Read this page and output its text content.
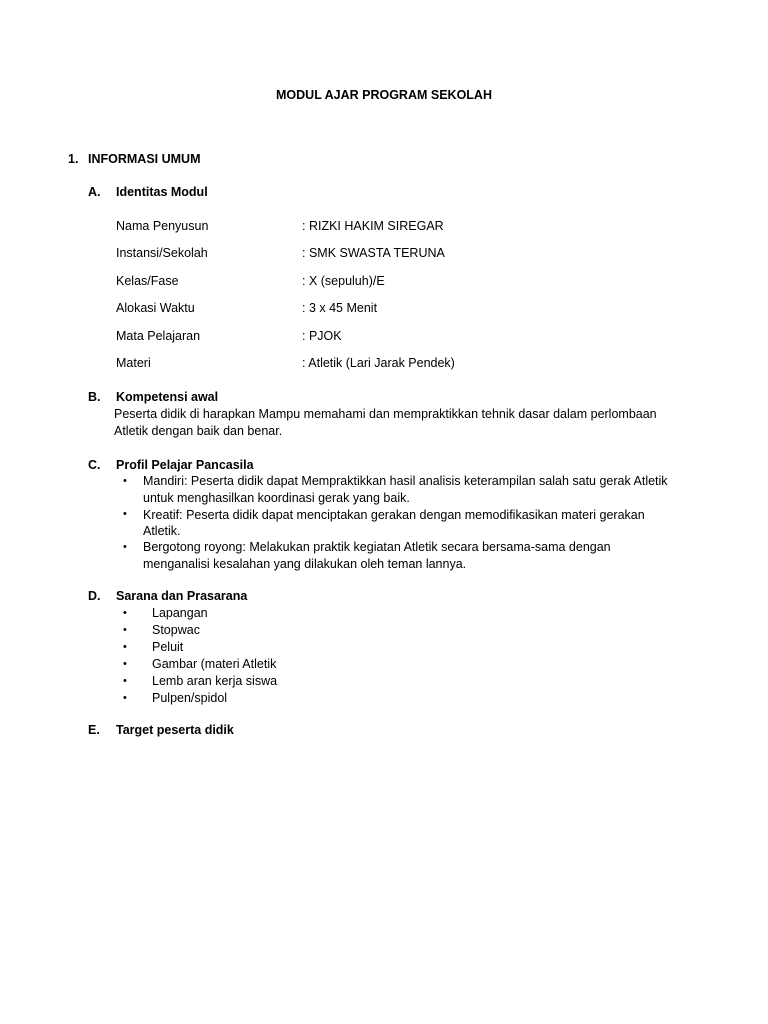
MODUL AJAR PROGRAM SEKOLAH
1. INFORMASI UMUM
A. Identitas Modul
Nama Penyusun	: RIZKI HAKIM SIREGAR
Instansi/Sekolah	: SMK SWASTA TERUNA
Kelas/Fase	: X (sepuluh)/E
Alokasi Waktu	: 3 x 45 Menit
Mata Pelajaran	: PJOK
Materi	: Atletik (Lari Jarak Pendek)
B. Kompetensi awal
Peserta didik di harapkan Mampu memahami dan mempraktikkan tehnik dasar dalam perlombaan
Atletik dengan baik dan benar.
C. Profil Pelajar Pancasila
• Mandiri: Peserta didik dapat Mempraktikkan hasil analisis keterampilan salah satu gerak Atletik
untuk menghasilkan koordinasi gerak yang baik.
• Kreatif: Peserta didik dapat menciptakan gerakan dengan memodifikasikan materi gerakan
Atletik.
• Bergotong royong: Melakukan praktik kegiatan Atletik secara bersama-sama dengan
menganalisi kesalahan yang dilakukan oleh teman lannya.
D. Sarana dan Prasarana
• Lapangan
• Stopwac
• Peluit
• Gambar (materi Atletik
• Lemb aran kerja siswa
• Pulpen/spidol
E. Target peserta didik
